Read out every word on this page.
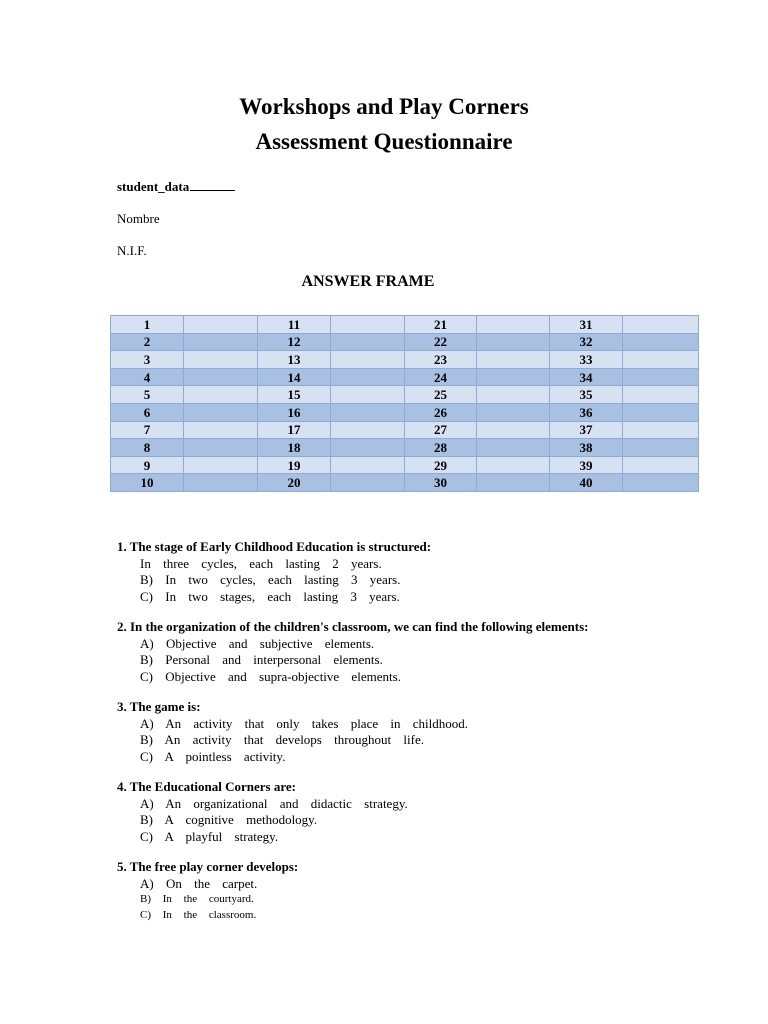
Workshops and Play Corners
Assessment Questionnaire
student_data
Nombre
N.I.F.
ANSWER FRAME
1		11		21		31	
2		12		22		32	
3		13		23		33	
4		14		24		34	
5		15		25		35	
6		16		26		36	
7		17		27		37	
8		18		28		38	
9		19		29		39	
10		20		30		40	
1. The stage of Early Childhood Education is structured:
In three cycles, each lasting 2 years.
B) In two cycles, each lasting 3 years.
C) In two stages, each lasting 3 years.
2. In the organization of the children's classroom, we can find the following elements:
A) Objective and subjective elements.
B) Personal and interpersonal elements.
C) Objective and supra-objective elements.
3. The game is:
A) An activity that only takes place in childhood.
B) An activity that develops throughout life.
C) A pointless activity.
4. The Educational Corners are:
A) An organizational and didactic strategy.
B) A cognitive methodology.
C) A playful strategy.
5. The free play corner develops:
A) On the carpet.
B) In the courtyard.
C) In the classroom.
